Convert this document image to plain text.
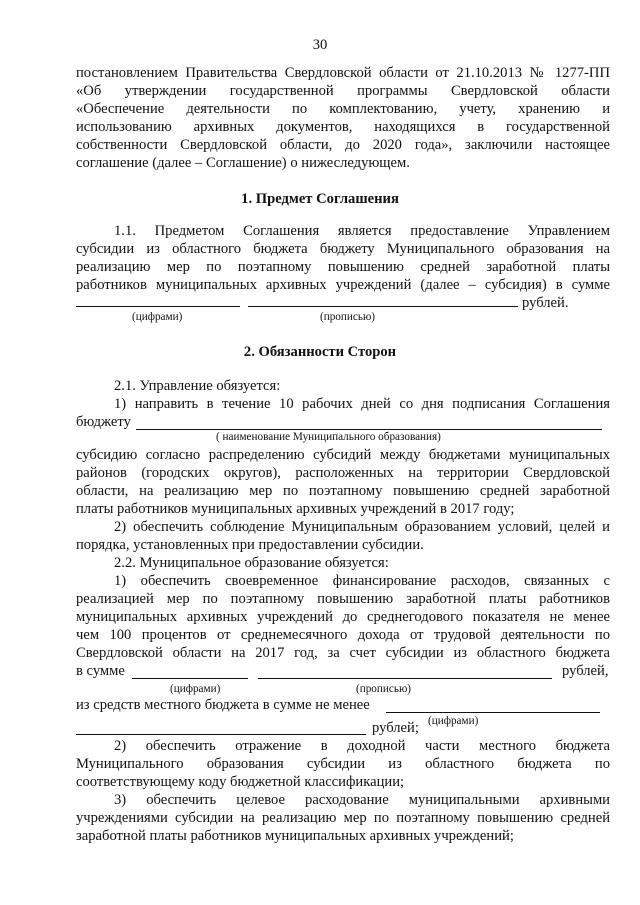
30
постановлением Правительства Свердловской области от 21.10.2013 № 1277-ПП
«Об утверждении государственной программы Свердловской области
«Обеспечение деятельности по комплектованию, учету, хранению и
использованию архивных документов, находящихся в государственной
собственности Свердловской области, до 2020 года», заключили настоящее
соглашение (далее – Соглашение) о нижеследующем.
1. Предмет Соглашения
1.1. Предметом Соглашения является предоставление Управлением
субсидии из областного бюджета бюджету Муниципального образования на
реализацию мер по поэтапному повышению средней заработной платы
работников муниципальных архивных учреждений (далее – субсидия) в сумме
рублей.
(цифрами)	(прописью)
2. Обязанности Сторон
2.1. Управление обязуется:
1) направить в течение 10 рабочих дней со дня подписания Соглашения
бюджету
( наименование Муниципального образования)
субсидию согласно распределению субсидий между бюджетами муниципальных
районов (городских округов), расположенных на территории Свердловской
области, на реализацию мер по поэтапному повышению средней заработной
платы работников муниципальных архивных учреждений в 2017 году;
2) обеспечить соблюдение Муниципальным образованием условий, целей и
порядка, установленных при предоставлении субсидии.
2.2. Муниципальное образование обязуется:
1) обеспечить своевременное финансирование расходов, связанных с
реализацией мер по поэтапному повышению заработной платы работников
муниципальных архивных учреждений до среднегодового показателя не менее
чем 100 процентов от среднемесячного дохода от трудовой деятельности по
Свердловской области на 2017 год, за счет субсидии из областного бюджета
в сумме	рублей,
(цифрами)	(прописью)
из средств местного бюджета в сумме не менее
(цифрами)
рублей;
2) обеспечить отражение в доходной части местного бюджета
Муниципального образования субсидии из областного бюджета по
соответствующему коду бюджетной классификации;
3) обеспечить целевое расходование муниципальными архивными
учреждениями субсидии на реализацию мер по поэтапному повышению средней
заработной платы работников муниципальных архивных учреждений;
